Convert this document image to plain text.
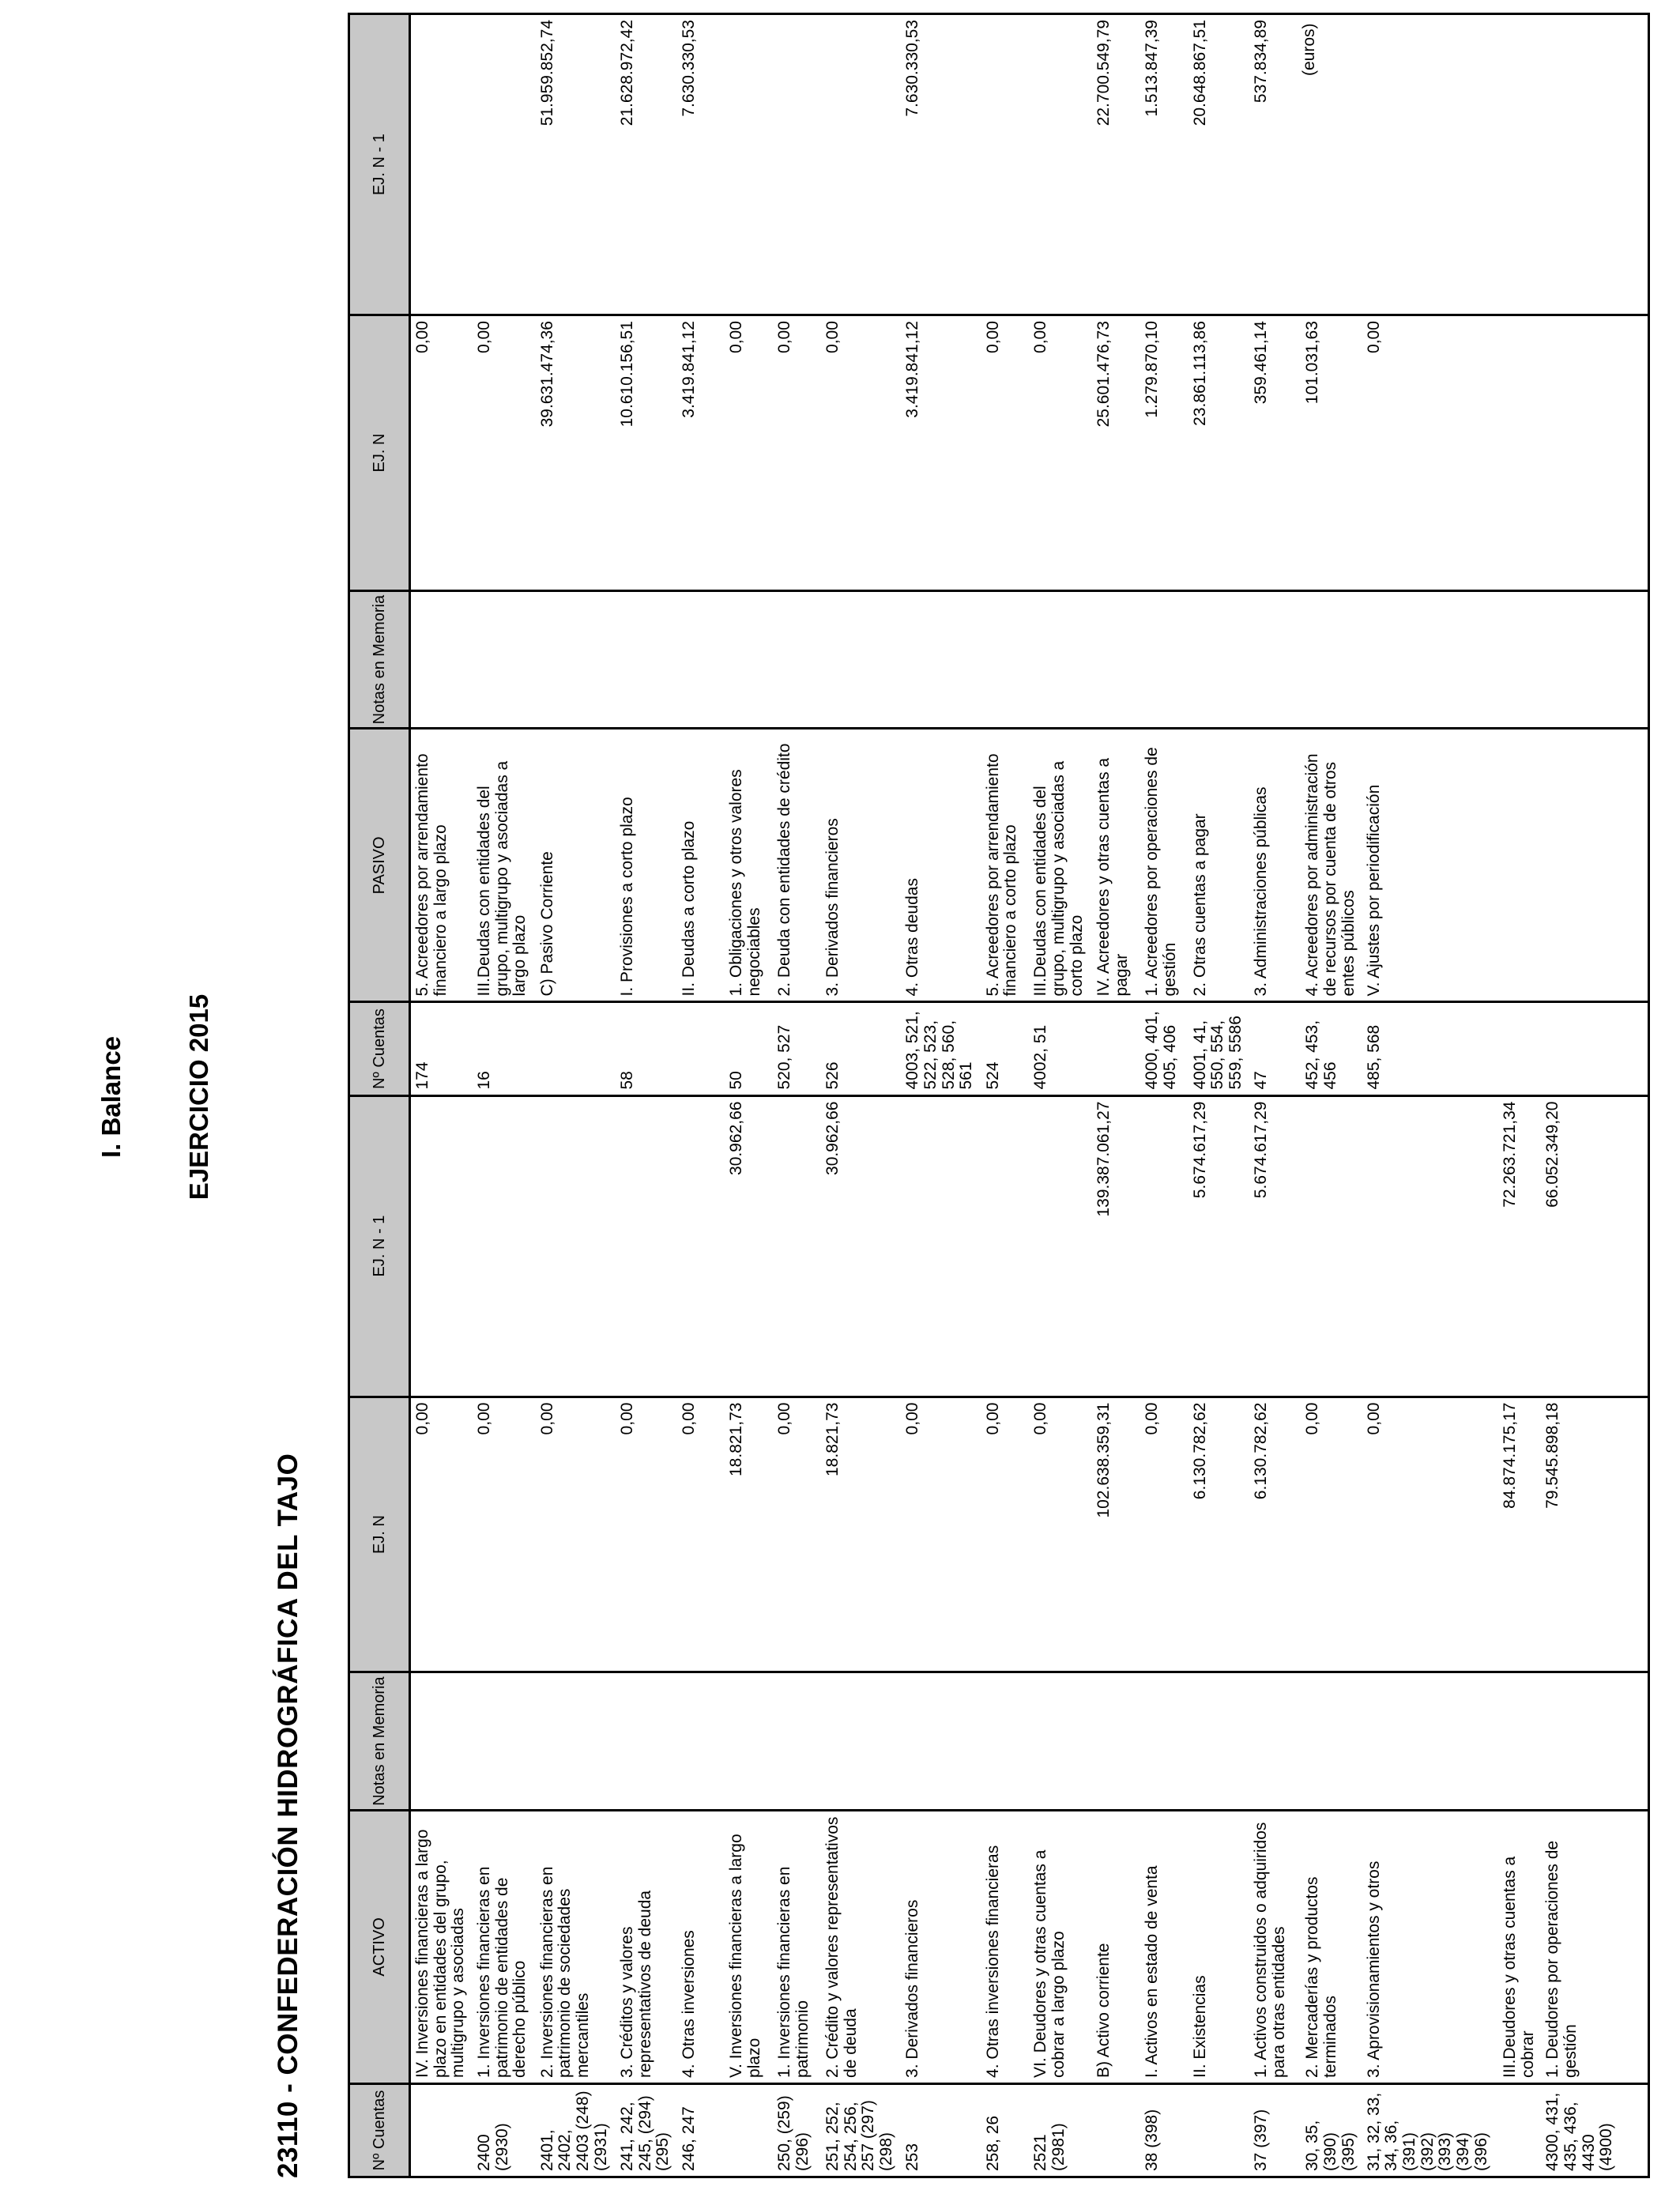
23110 - CONFEDERACIÓN HIDROGRÁFICA DEL TAJO
I. Balance EJERCICIO 2015
(euros)
Nº Cuentas	ACTIVO	Notas en Memoria	EJ. N	EJ. N - 1	Nº Cuentas	PASIVO	Notas en Memoria	EJ. N	EJ. N - 1
	IV. Inversiones financieras a largo plazo en entidades del grupo, multigrupo y asociadas		0,00		174	5. Acreedores por arrendamiento financiero a largo plazo		0,00	
2400 (2930)	1. Inversiones financieras en patrimonio de entidades de derecho público		0,00		16	III.Deudas con entidades del grupo, multigrupo y asociadas a largo plazo		0,00	
2401, 2402, 2403 (248) (2931)	2. Inversiones financieras en patrimonio de sociedades mercantiles		0,00			C) Pasivo Corriente		39.631.474,36	51.959.852,74
241, 242, 245, (294) (295)	3. Créditos y valores representativos de deuda		0,00		58	I. Provisiones a corto plazo		10.610.156,51	21.628.972,42
246, 247	4. Otras inversiones		0,00			II. Deudas a corto plazo		3.419.841,12	7.630.330,53
	V. Inversiones financieras a largo plazo		18.821,73	30.962,66	50	1. Obligaciones y otros valores negociables		0,00	
250, (259) (296)	1. Inversiones financieras en patrimonio		0,00		520, 527	2. Deuda con entidades de crédito		0,00	
251, 252, 254, 256, 257 (297) (298)	2. Crédito y valores representativos de deuda		18.821,73	30.962,66	526	3. Derivados financieros		0,00	
253	3. Derivados financieros		0,00		4003, 521, 522, 523, 528, 560, 561	4. Otras deudas		3.419.841,12	7.630.330,53
258, 26	4. Otras inversiones financieras		0,00		524	5. Acreedores por arrendamiento financiero a corto plazo		0,00	
2521 (2981)	VI. Deudores y otras cuentas a cobrar a largo plazo		0,00		4002, 51	III.Deudas con entidades del grupo, multigrupo y asociadas a corto plazo		0,00	
	B) Activo corriente		102.638.359,31	139.387.061,27		IV. Acreedores y otras cuentas a pagar		25.601.476,73	22.700.549,79
38 (398)	I. Activos en estado de venta		0,00		4000, 401, 405, 406	1. Acreedores por operaciones de gestión		1.279.870,10	1.513.847,39
	II. Existencias		6.130.782,62	5.674.617,29	4001, 41, 550, 554, 559, 5586	2. Otras cuentas a pagar		23.861.113,86	20.648.867,51
37 (397)	1. Activos construidos o adquiridos para otras entidades		6.130.782,62	5.674.617,29	47	3. Administraciones públicas		359.461,14	537.834,89
30, 35, (390) (395)	2. Mercaderías y productos terminados		0,00		452, 453, 456	4. Acreedores por administración de recursos por cuenta de otros entes públicos		101.031,63	
31, 32, 33, 34, 36, (391) (392) (393) (394) (396)	3. Aprovisionamientos y otros		0,00		485, 568	V. Ajustes por periodificación		0,00	
	III.Deudores y otras cuentas a cobrar		84.874.175,17	72.263.721,34					
4300, 431, 435, 436, 4430 (4900)	1. Deudores por operaciones de gestión		79.545.898,18	66.052.349,20					
